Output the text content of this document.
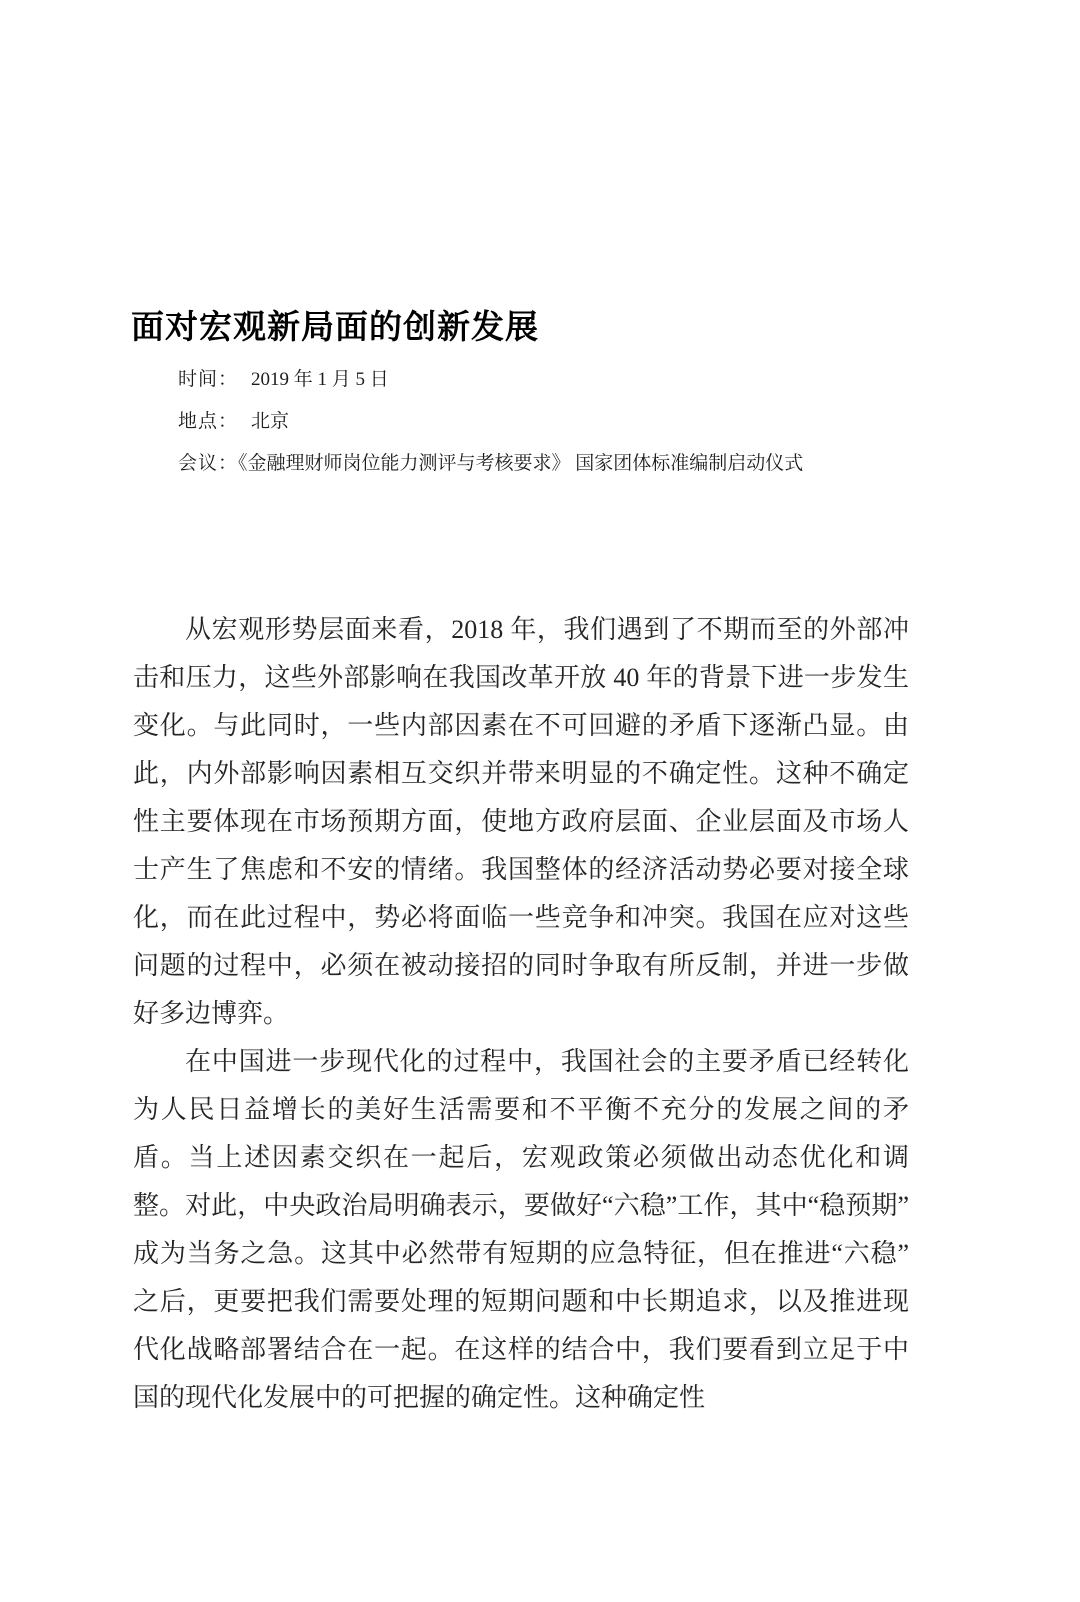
面对宏观新局面的创新发展
时间： 2019 年 1 月 5 日
地点： 北京
会议：《金融理财师岗位能力测评与考核要求》 国家团体标准编制启动仪式

从宏观形势层面来看，2018 年，我们遇到了不期而至的外部冲击和压力，这些外部影响在我国改革开放 40 年的背景下进一步发生变化。与此同时，一些内部因素在不可回避的矛盾下逐渐凸显。由此，内外部影响因素相互交织并带来明显的不确定性。这种不确定性主要体现在市场预期方面，使地方政府层面、企业层面及市场人士产生了焦虑和不安的情绪。我国整体的经济活动势必要对接全球化，而在此过程中，势必将面临一些竞争和冲突。我国在应对这些问题的过程中，必须在被动接招的同时争取有所反制，并进一步做好多边博弈。

在中国进一步现代化的过程中，我国社会的主要矛盾已经转化为人民日益增长的美好生活需要和不平衡不充分的发展之间的矛盾。当上述因素交织在一起后，宏观政策必须做出动态优化和调整。对此，中央政治局明确表示，要做好“六稳”工作，其中“稳预期”成为当务之急。这其中必然带有短期的应急特征，但在推进“六稳”之后，更要把我们需要处理的短期问题和中长期追求，以及推进现代化战略部署结合在一起。在这样的结合中，我们要看到立足于中国的现代化发展中的可把握的确定性。这种确定性
